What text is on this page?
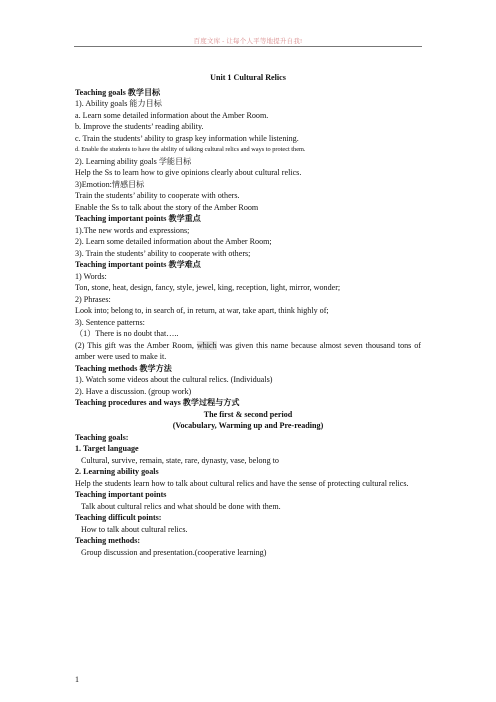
百度文库 - 让每个人平等地提升自我!
Unit 1 Cultural Relics
Teaching goals 教学目标
1). Ability goals 能力目标
a. Learn some detailed information about the Amber Room.
b. Improve the students’ reading ability.
c. Train the students’ ability to grasp key information while listening.
d. Enable the students to have the ability of talking cultural relics and ways to protect them.
2). Learning ability goals 学能目标
Help the Ss to learn how to give opinions clearly about cultural relics.
3)Emotion:情感目标
Train the students’ ability to cooperate with others.
Enable the Ss to talk about the story of the Amber Room
Teaching important points 教学重点
1).The new words and expressions;
2). Learn some detailed information about the Amber Room;
3). Train the students’ ability to cooperate with others;
Teaching important points 教学难点
1) Words:
Ton, stone, heat, design, fancy, style, jewel, king, reception, light, mirror, wonder;
2) Phrases:
Look into; belong to, in search of, in return, at war, take apart, think highly of;
3). Sentence patterns:
（1）There is no doubt that…..
(2) This gift was the Amber Room, which was given this name because almost seven thousand tons of amber were used to make it.
Teaching methods 教学方法
1). Watch some videos about the cultural relics. (Individuals)
2). Have a discussion. (group work)
Teaching procedures and ways 教学过程与方式
The first & second period
(Vocabulary, Warming up and Pre-reading)
Teaching goals:
1. Target language
Cultural, survive, remain, state, rare, dynasty, vase, belong to
2. Learning ability goals
Help the students learn how to talk about cultural relics and have the sense of protecting cultural relics.
Teaching important points
Talk about cultural relics and what should be done with them.
Teaching difficult points:
How to talk about cultural relics.
Teaching methods:
Group discussion and presentation.(cooperative learning)
1
